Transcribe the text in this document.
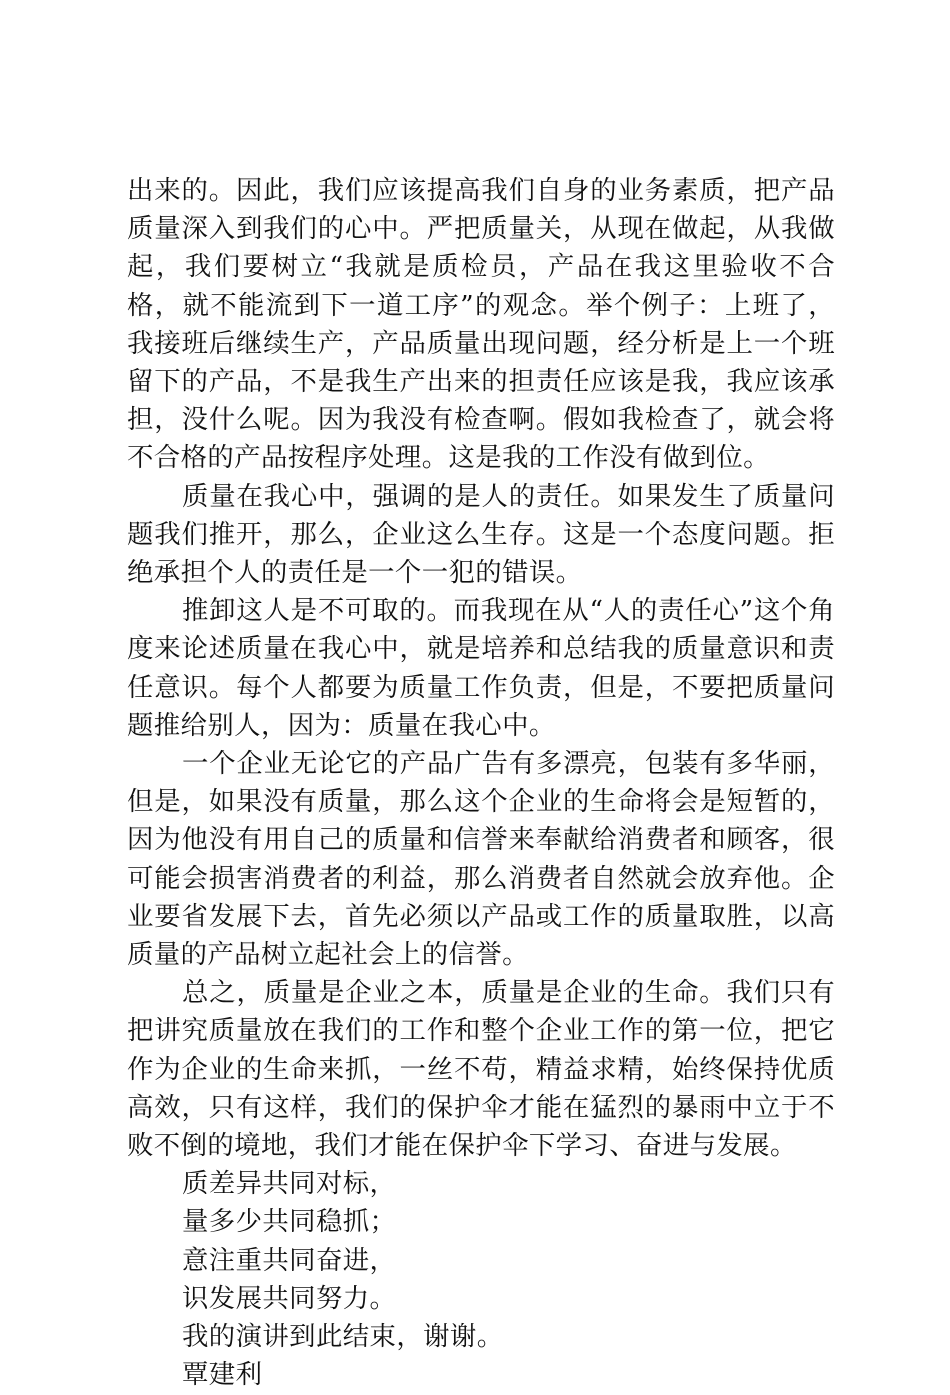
出来的。因此，我们应该提高我们自身的业务素质，把产品质量深入到我们的心中。严把质量关，从现在做起，从我做起，我们要树立“我就是质检员，产品在我这里验收不合格，就不能流到下一道工序”的观念。举个例子：上班了，我接班后继续生产，产品质量出现问题，经分析是上一个班留下的产品，不是我生产出来的担责任应该是我，我应该承担，没什么呢。因为我没有检查啊。假如我检查了，就会将不合格的产品按程序处理。这是我的工作没有做到位。

质量在我心中，强调的是人的责任。如果发生了质量问题我们推开，那么，企业这么生存。这是一个态度问题。拒绝承担个人的责任是一个一犯的错误。

推卸这人是不可取的。而我现在从“人的责任心”这个角度来论述质量在我心中，就是培养和总结我的质量意识和责任意识。每个人都要为质量工作负责，但是，不要把质量问题推给别人，因为：质量在我心中。

一个企业无论它的产品广告有多漂亮，包装有多华丽，但是，如果没有质量，那么这个企业的生命将会是短暂的，因为他没有用自己的质量和信誉来奉献给消费者和顾客，很可能会损害消费者的利益，那么消费者自然就会放弃他。企业要省发展下去，首先必须以产品或工作的质量取胜，以高质量的产品树立起社会上的信誉。

总之，质量是企业之本，质量是企业的生命。我们只有把讲究质量放在我们的工作和整个企业工作的第一位，把它作为企业的生命来抓，一丝不苟，精益求精，始终保持优质高效，只有这样，我们的保护伞才能在猛烈的暴雨中立于不败不倒的境地，我们才能在保护伞下学习、奋进与发展。

质差异共同对标，

量多少共同稳抓；

意注重共同奋进，

识发展共同努力。

我的演讲到此结束，谢谢。

覃建利
